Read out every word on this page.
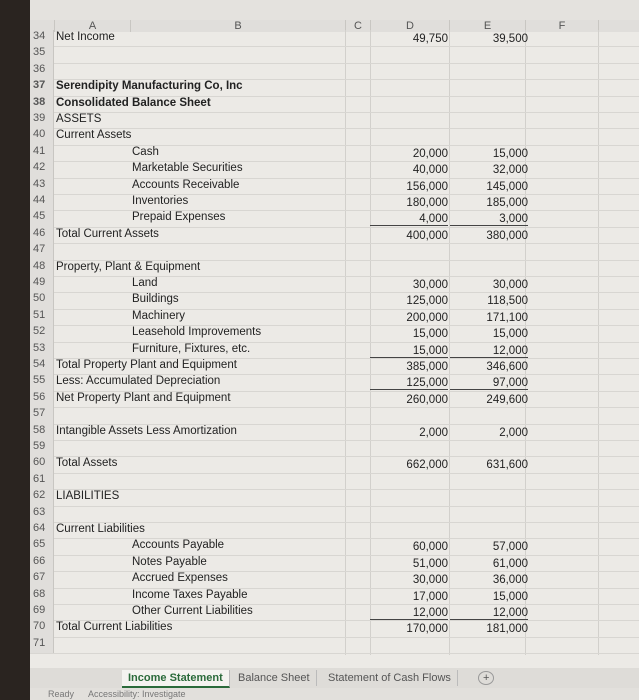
A	B	C	D	E	F
34 Net Income	49,750	39,500
35
36
37 Serendipity Manufacturing Co, Inc
38 Consolidated Balance Sheet
39 ASSETS
40 Current Assets
41	Cash	20,000	15,000
42	Marketable Securities	40,000	32,000
43	Accounts Receivable	156,000	145,000
44	Inventories	180,000	185,000
45	Prepaid Expenses	4,000	3,000
46 Total Current Assets	400,000	380,000
47
48 Property, Plant & Equipment
49	Land	30,000	30,000
50	Buildings	125,000	118,500
51	Machinery	200,000	171,100
52	Leasehold Improvements	15,000	15,000
53	Furniture, Fixtures, etc.	15,000	12,000
54 Total Property Plant and Equipment	385,000	346,600
55 Less: Accumulated Depreciation	125,000	97,000
56 Net Property Plant and Equipment	260,000	249,600
57
58 Intangible Assets Less Amortization	2,000	2,000
59
60 Total Assets	662,000	631,600
61
62 LIABILITIES
63
64 Current Liabilities
65	Accounts Payable	60,000	57,000
66	Notes Payable	51,000	61,000
67	Accrued Expenses	30,000	36,000
68	Income Taxes Payable	17,000	15,000
69	Other Current Liabilities	12,000	12,000
70 Total Current Liabilities	170,000	181,000
71
Income Statement	Balance Sheet	Statement of Cash Flows	+
Ready Accessibility: Investigate
